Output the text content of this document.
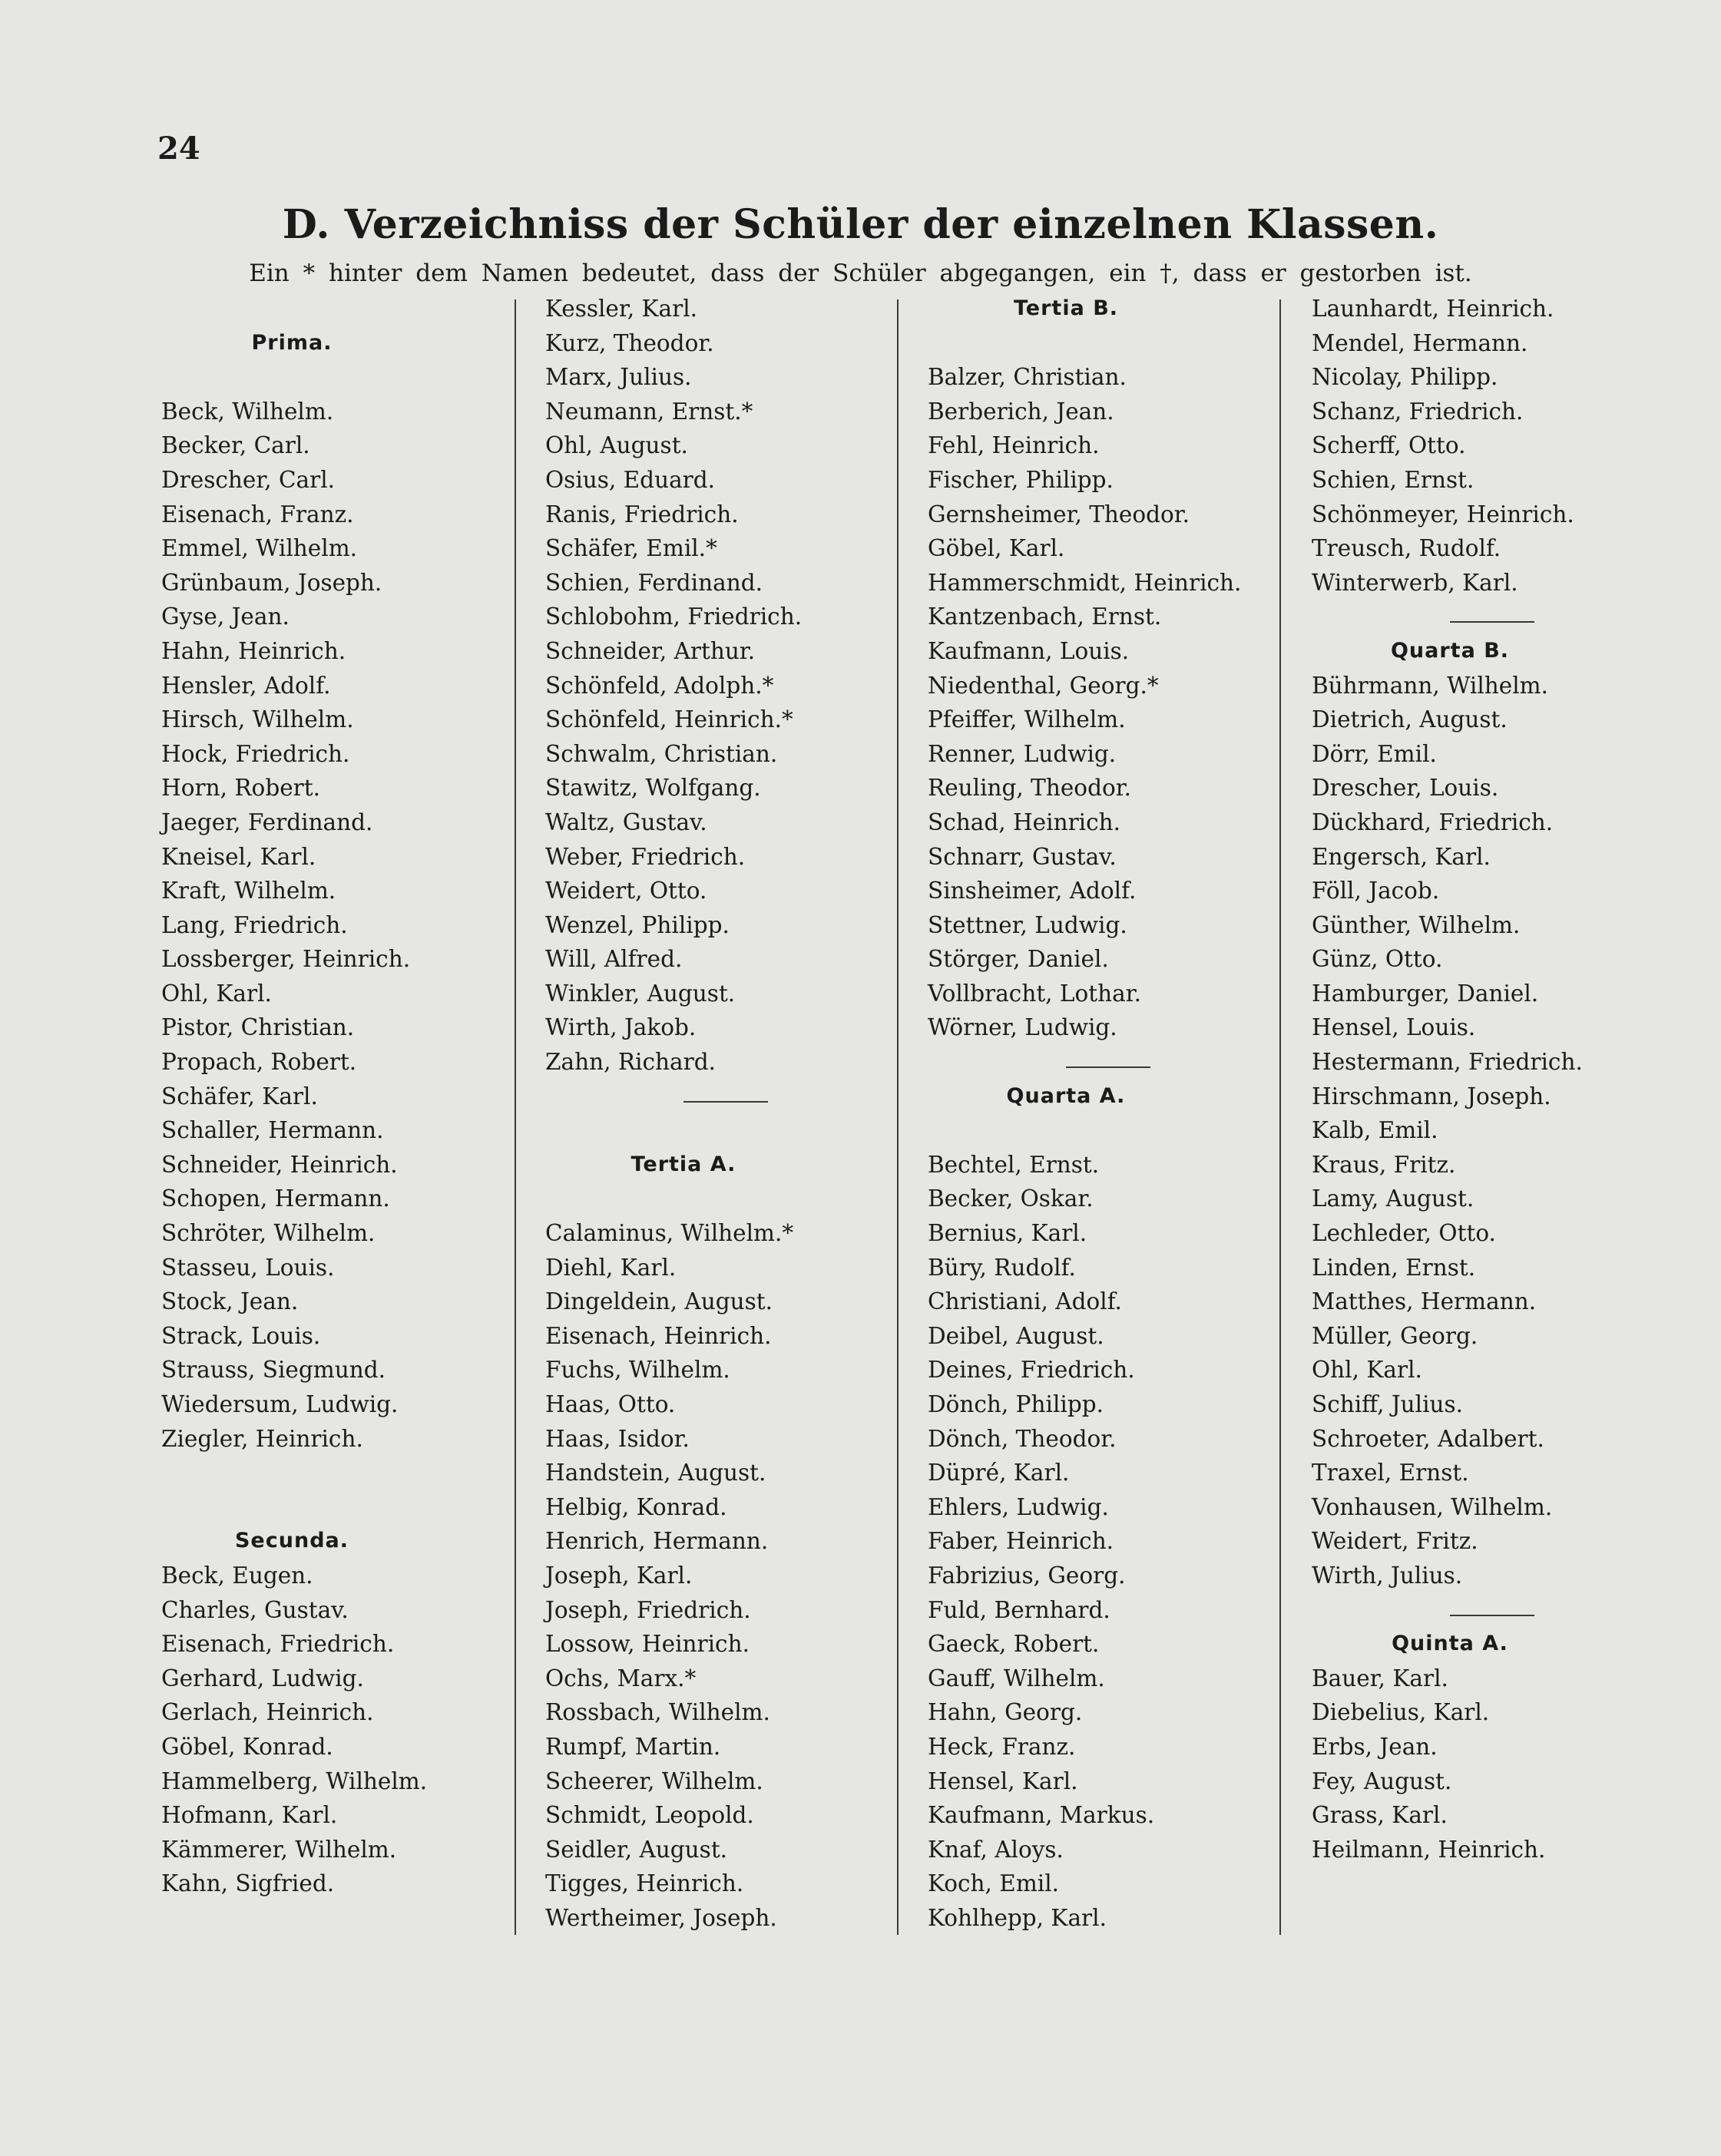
24
D. Verzeichniss der Schüler der einzelnen Klassen.
Ein * hinter dem Namen bedeutet, dass der Schüler abgegangen, ein †, dass er gestorben ist.
Prima.
Beck, Wilhelm.
Becker, Carl.
Drescher, Carl.
Eisenach, Franz.
Emmel, Wilhelm.
Grünbaum, Joseph.
Gyse, Jean.
Hahn, Heinrich.
Hensler, Adolf.
Hirsch, Wilhelm.
Hock, Friedrich.
Horn, Robert.
Jaeger, Ferdinand.
Kneisel, Karl.
Kraft, Wilhelm.
Lang, Friedrich.
Lossberger, Heinrich.
Ohl, Karl.
Pistor, Christian.
Propach, Robert.
Schäfer, Karl.
Schaller, Hermann.
Schneider, Heinrich.
Schopen, Hermann.
Schröter, Wilhelm.
Stasseu, Louis.
Stock, Jean.
Strack, Louis.
Strauss, Siegmund.
Wiedersum, Ludwig.
Ziegler, Heinrich.
Secunda.
Beck, Eugen.
Charles, Gustav.
Eisenach, Friedrich.
Gerhard, Ludwig.
Gerlach, Heinrich.
Göbel, Konrad.
Hammelberg, Wilhelm.
Hofmann, Karl.
Kämmerer, Wilhelm.
Kahn, Sigfried.
Kessler, Karl.
Kurz, Theodor.
Marx, Julius.
Neumann, Ernst.*
Ohl, August.
Osius, Eduard.
Ranis, Friedrich.
Schäfer, Emil.*
Schien, Ferdinand.
Schlobohm, Friedrich.
Schneider, Arthur.
Schönfeld, Adolph.*
Schönfeld, Heinrich.*
Schwalm, Christian.
Stawitz, Wolfgang.
Waltz, Gustav.
Weber, Friedrich.
Weidert, Otto.
Wenzel, Philipp.
Will, Alfred.
Winkler, August.
Wirth, Jakob.
Zahn, Richard.
Tertia A.
Calaminus, Wilhelm.*
Diehl, Karl.
Dingeldein, August.
Eisenach, Heinrich.
Fuchs, Wilhelm.
Haas, Otto.
Haas, Isidor.
Handstein, August.
Helbig, Konrad.
Henrich, Hermann.
Joseph, Karl.
Joseph, Friedrich.
Lossow, Heinrich.
Ochs, Marx.*
Rossbach, Wilhelm.
Rumpf, Martin.
Scheerer, Wilhelm.
Schmidt, Leopold.
Seidler, August.
Tigges, Heinrich.
Wertheimer, Joseph.
Tertia B.
Balzer, Christian.
Berberich, Jean.
Fehl, Heinrich.
Fischer, Philipp.
Gernsheimer, Theodor.
Göbel, Karl.
Hammerschmidt, Heinrich.
Kantzenbach, Ernst.
Kaufmann, Louis.
Niedenthal, Georg.*
Pfeiffer, Wilhelm.
Renner, Ludwig.
Reuling, Theodor.
Schad, Heinrich.
Schnarr, Gustav.
Sinsheimer, Adolf.
Stettner, Ludwig.
Störger, Daniel.
Vollbracht, Lothar.
Wörner, Ludwig.
Quarta A.
Bechtel, Ernst.
Becker, Oskar.
Bernius, Karl.
Büry, Rudolf.
Christiani, Adolf.
Deibel, August.
Deines, Friedrich.
Dönch, Philipp.
Dönch, Theodor.
Düpré, Karl.
Ehlers, Ludwig.
Faber, Heinrich.
Fabrizius, Georg.
Fuld, Bernhard.
Gaeck, Robert.
Gauff, Wilhelm.
Hahn, Georg.
Heck, Franz.
Hensel, Karl.
Kaufmann, Markus.
Knaf, Aloys.
Koch, Emil.
Kohlhepp, Karl.
Launhardt, Heinrich.
Mendel, Hermann.
Nicolay, Philipp.
Schanz, Friedrich.
Scherff, Otto.
Schien, Ernst.
Schönmeyer, Heinrich.
Treusch, Rudolf.
Winterwerb, Karl.
Quarta B.
Bührmann, Wilhelm.
Dietrich, August.
Dörr, Emil.
Drescher, Louis.
Dückhard, Friedrich.
Engersch, Karl.
Föll, Jacob.
Günther, Wilhelm.
Günz, Otto.
Hamburger, Daniel.
Hensel, Louis.
Hestermann, Friedrich.
Hirschmann, Joseph.
Kalb, Emil.
Kraus, Fritz.
Lamy, August.
Lechleder, Otto.
Linden, Ernst.
Matthes, Hermann.
Müller, Georg.
Ohl, Karl.
Schiff, Julius.
Schroeter, Adalbert.
Traxel, Ernst.
Vonhausen, Wilhelm.
Weidert, Fritz.
Wirth, Julius.
Quinta A.
Bauer, Karl.
Diebelius, Karl.
Erbs, Jean.
Fey, August.
Grass, Karl.
Heilmann, Heinrich.
